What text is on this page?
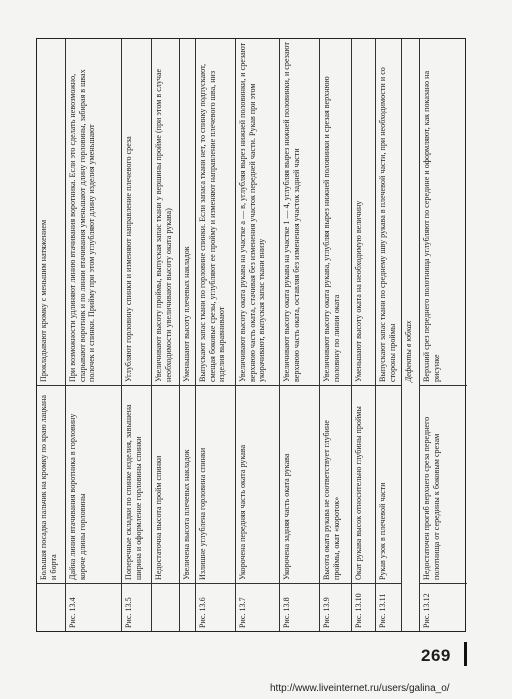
Большая посадка пальчик на кромку по краю лацкана и борта
Прокладывают кромку с меньшим натяжением
Рис. 13.4
Дайна линии втачивания воротника в горловину короче длины горловины
При возможности удлиняют линию втачивания воротника. Если это сделать невозможно, спарывают воротник и по линии втачивания уменьшают длину горловины, забирая в швах полочек и спинки. Прийму при этом углубляют длину изделия уменьшают
Рис. 13.5
Поперечные складки по спинке изделия, завышена ширина и оформление горловины спинки
Углубляют горловину спинки и изменяют направление плечевого среза
Недостаточна высота пройм спинки
Увеличивают высоту проймы, выпуская запас ткани у вершины пройме (при этом в случае необходимости увеличивают высоту оката рукава)
Увеличена высота плечевых накладок
Уменьшают высоту плечевых накладок
Рис. 13.6
Излишне углублена горловина спинки
Выпускают запас ткани по горловине спинки. Если запаса ткани нет, то спинку подпускают, смещая боковые срезы, углубляют ее пройму и изменяют направление плечевого шва, низ изделия выравнивают
Рис. 13.7
Укорочена передняя часть оката рукава
Увеличивают высоту оката рукава на участке а — в, углубляя вырез нижней половинки, и срезают верхнюю часть оката, стачивая без изменения участок передней части. Рукав при этом укорачивают, выпуская запас ткани внизу
Рис. 13.8
Укорочена задняя часть оката рукава
Увеличивают высоту оката рукава на участке 1 — 4, углубляя вырез нижней половинки, и срезают верхнюю часть оката, оставляя без изменения участок задней части
Рис. 13.9
Высота оката рукава не соответствует глубине проймы, окат «короток»
Увеличивают высоту оката рукава, углубляя вырез нижней половинки и срезая верхнюю половину по линии оката
Рис. 13.10
Окат рукава высок относительно глубины проймы
Уменьшают высоту оката на необходимую величину
Рис. 13.11
Рукав узок в плечевой части
Выпускают запас ткани по среднему шву рукава в плечевой части, при необходимости и со стороны проймы Дефекты в юбках
Рис. 13.12
Недостаточен прогиб верхнего среза переднего полотнища от середины к боковым срезам
Верхний срез переднего полотнища углубляют по середине и оформляют, как показано на рисунке
269
http://www.liveinternet.ru/users/galina_o/
